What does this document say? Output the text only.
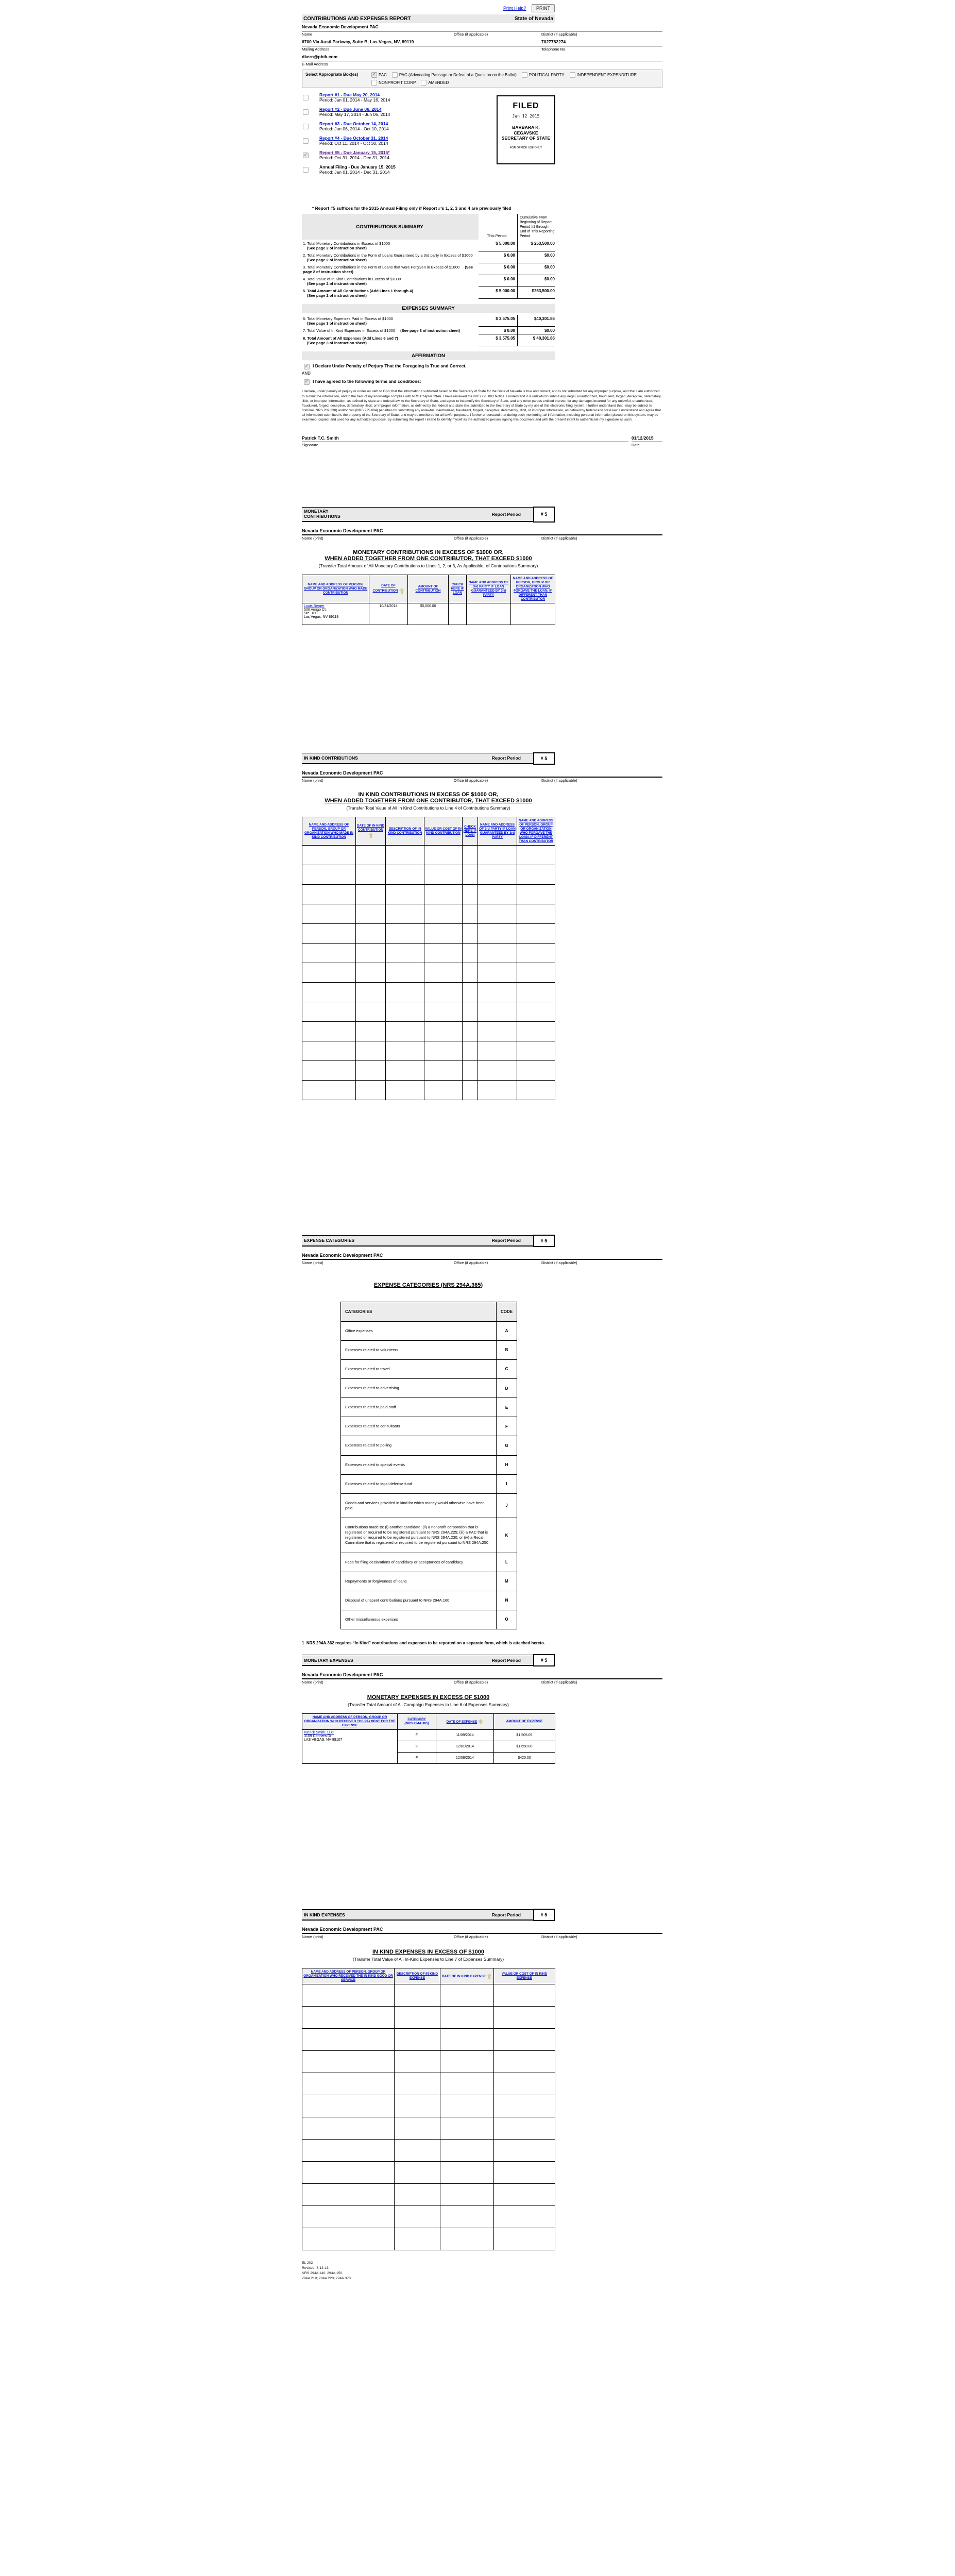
Print Help? PRINT
CONTRIBUTIONS AND EXPENSES REPORT	State of Nevada
Nevada Economic Development PAC
Name	Office (if applicable)	District (if applicable)
6700 Via Austi Parkway, Suite B, Las Vegas, NV, 89119	7027782274
Mailing Address	Telephone No.
dkern@pbtk.com
E-Mail Address
Select Appropriate Box(es) ✓	PAC	PAC (Advocating Passage or Defeat of a Question on the Ballot)	POLITICAL PARTY	INDEPENDENT EXPENDITURE
NONPROFIT CORP	AMENDED
Report #1 - Due May 20, 2014
Period: Jan 01, 2014 - May 16, 2014
Report #2 - Due June 06, 2014
Period: May 17, 2014 - Jun 05, 2014
Report #3 - Due October 14, 2014
Period: Jun 06, 2014 - Oct 10, 2014
Report #4 - Due October 31, 2014
Period: Oct 11, 2014 - Oct 30, 2014
✓
Report #5 - Due January 15, 2015*
Period: Oct 31, 2014 - Dec 31, 2014
Annual Filing - Due January 15, 2015
Period: Jan 01, 2014 - Dec 31, 2014
FILED
Jan 12 2015
BARBARA K.
CEGAVSKE
SECRETARY OF STATE
FOR OFFICE USE ONLY
* Report #5 suffices for the 2015 Annual Filing only if Report #'s 1, 2, 3 and 4 are previously filed
CONTRIBUTIONS SUMMARY
This Period
Cumulative From Beginning of Report Period #1 through End of This Reporting Period
1. Total Monetary Contributions in Excess of $1000
(See page 2 of instruction sheet)
$ 5,000.00	$ 253,500.00
2. Total Monetary Contributions in the Form of Loans Guaranteed by a 3rd party in Excess of $1000 (See page 2 of instruction sheet)
$ 0.00	$0.00
3. Total Monetary Contributions in the Form of Loans that were Forgiven in Excess of $1000 (See page 2 of instruction sheet)
$ 0.00	$0.00
4. Total Value of In Kind Contributions in Excess of $1000
(See page 2 of instruction sheet)
$ 0.00	$0.00
5. Total Amount of All Contributions (Add Lines 1 through 4)
(See page 2 of instruction sheet)
$ 5,000.00	$253,500.00
EXPENSES SUMMARY
6. Total Monetary Expenses Paid in Excess of $1000
(See page 3 of instruction sheet)
$ 3,575.05	$40,301.86
7. Total Value of In Kind Expenses in Excess of $1000 (See page 3 of instruction sheet)	$ 0.00	$0.00
8. Total Amount of All Expenses (Add Lines 6 and 7)
(See page 3 of instruction sheet)
$ 3,575.05	$ 40,301.86
AFFIRMATION
✓
I Declare Under Penalty of Perjury That the Foregoing is True and Correct.
AND
✓
I have agreed to the following terms and conditions:
I declare, under penalty of perjury or under an oath to God, that the information I submitted herein to the Secretary of State for the State of Nevada is true and correct, and is not submitted for any improper purpose, and that I am authorized to submit the information, and to the best of my knowledge complies with NRS Chapter 294A. I have reviewed the NRS 225.083 Notice. I understand it is unlawful to submit any illegal, unauthorized, fraudulent, forged, deceptive, defamatory, illicit, or improper information, as defined by state and federal law, to the Secretary of State, and agree to indemnify the Secretary of State, and any other parties entitled thereto, for any damages incurred for any unlawful, unauthorized, fraudulent, forged, deceptive, defamatory, illicit, or improper information, as defined by the federal and state law, submitted to the Secretary of State by my use of this electronic filing system. I further understand that I may be subject to criminal (NRS 239.330) and/or civil (NRS 225.084) penalties for submitting any unlawful unauthorized, fraudulent, forged, deceptive, defamatory, illicit, or improper information, as defined by federal and state law. I understand and agree that all information submitted is the property of the Secretary of State, and may be monitored for all lawful purposes. I further understand that during such monitoring, all information, including personal information placed on this system, may be examined, copied, and used for any authorized purpose. By submitting this report I intend to identify myself as the authorized person signing this document and with the present intent to authenticate my signature as such.
Patrick T.C. Smith
Signature
01/12/2015
Date
MONETARY CONTRIBUTIONS	Report Period	# 5
Nevada Economic Development PAC
Name (print)	Office (if applicable)	District (if applicable)
MONETARY CONTRIBUTIONS IN EXCESS OF $1000 OR,
WHEN ADDED TOGETHER FROM ONE CONTRIBUTOR, THAT EXCEED $1000
(Transfer Total Amount of All Monetary Contributions to Lines 1, 2, or 3, As Applicable, of Contributions Summary)
NAME AND ADDRESS OF PERSON, GROUP OR ORGANIZATION WHO MADE CONTRIBUTION	DATE OF CONTRIBUTION	AMOUNT OF CONTRIBUTION	CHECK HERE IF LOAN	NAME AND ADDRESS OF 3rd PARTY IF LOAN GUARANTEED BY 3rd PARTY	NAME AND ADDRESS OF PERSON, GROUP OR ORGANIZATION WHO FORGAVE THE LOAN, IF DIFFERENT THAN CONTRIBUTOR
Louis Berger
500 Amigo Ct.
Ste. 100
Las Vegas, NV 89119	10/31/2014	$5,000.00			
IN KIND CONTRIBUTIONS	Report Period	# 5
Nevada Economic Development PAC
Name (print)	Office (if applicable)	District (if applicable)
IN KIND CONTRIBUTIONS IN EXCESS OF $1000 OR,
WHEN ADDED TOGETHER FROM ONE CONTRIBUTOR, THAT EXCEED $1000
(Transfer Total Value of All In Kind Contributions to Line 4 of Contributions Summary)
NAME AND ADDRESS OF PERSON, GROUP OR ORGANIZATION WHO MADE IN KIND CONTRIBUTION	DATE OF IN KIND CONTRIBUTION	DESCRIPTION OF IN KIND CONTRIBUTION	VALUE OR COST OF IN KIND CONTRIBUTION	CHECK HERE IF LOAN	NAME AND ADDRESS OF 3rd PARTY IF LOAN GUARANTEED BY 3rd PARTY	NAME AND ADDRESS OF PERSON, GROUP OR ORGANIZATION WHO FORGAVE THE LOAN, IF DIFFERENT THAN CONTRIBUTOR

EXPENSE CATEGORIES	Report Period	# 5
Nevada Economic Development PAC
Name (print)	Office (if applicable)	District (if applicable)
EXPENSE CATEGORIES (NRS 294A.365)
CATEGORIES	CODE
Office expenses	A
Expenses related to volunteers	B
Expenses related to travel	C
Expenses related to advertising	D
Expenses related to paid staff	E
Expenses related to consultants	F
Expenses related to polling	G
Expenses related to special events	H
Expenses related to legal defense fund	I
Goods and services provided in kind for which money would otherwise have been paid	J
Contributions made to: (i) another candidate; (ii) a nonprofit corporation that is registered or required to be registered pursuant to NRS 294A.225; (iii) a PAC that is registered or required to be registered pursuant to NRS 294A.230; or (iv) a Recall Committee that is registered or required to be registered pursuant to NRS 294A.250	K
Fees for filing declarations of candidacy or acceptances of candidacy	L
Repayments or forgiveness of loans	M
Disposal of unspent contributions pursuant to NRS 294A.160	N
Other miscellaneous expenses	O
1 NRS 294A.362 requires “In Kind” contributions and expenses to be reported on a separate form, which is attached hereto.
MONETARY EXPENSES	Report Period	# 5
Nevada Economic Development PAC
Name (print)	Office (if applicable)	District (if applicable)
MONETARY EXPENSES IN EXCESS OF $1000
(Transfer Total Amount of All Campaign Expenses to Line 6 of Expenses Summary)
NAME AND ADDRESS OF PERSON, GROUP OR ORGANIZATION WHO RECEIVED THE PAYMENT FOR THE EXPENSE	CATEGORY
(NRS 294A.365)	DATE OF EXPENSE	AMOUNT OF EXPENSE
Patrick Smith, LLC
3109 Conners Dr
LAS VEGAS, NV 89107	F	11/09/2014	$1,505.05
	F	12/01/2014	$1,650.00
	F	12/08/2014	$420.00
IN KIND EXPENSES	Report Period	# 5
Nevada Economic Development PAC
Name (print)	Office (if applicable)	District (if applicable)
IN KIND EXPENSES IN EXCESS OF $1000
(Transfer Total Value of All In-Kind Expenses to Line 7 of Expenses Summary)
NAME AND ADDRESS OF PERSON, GROUP OR ORGANIZATION WHO RECEIVED THE IN KIND GOOD OR SERVICE	DESCRIPTION OF IN KIND EXPENSE	DATE OF IN KIND EXPENSE	VALUE OR COST OF IN KIND EXPENSE

EL 202
Revised: 8-13-13
NRS 294A.140; 294A.150;
294A.210; 294A.220; 294A.373
